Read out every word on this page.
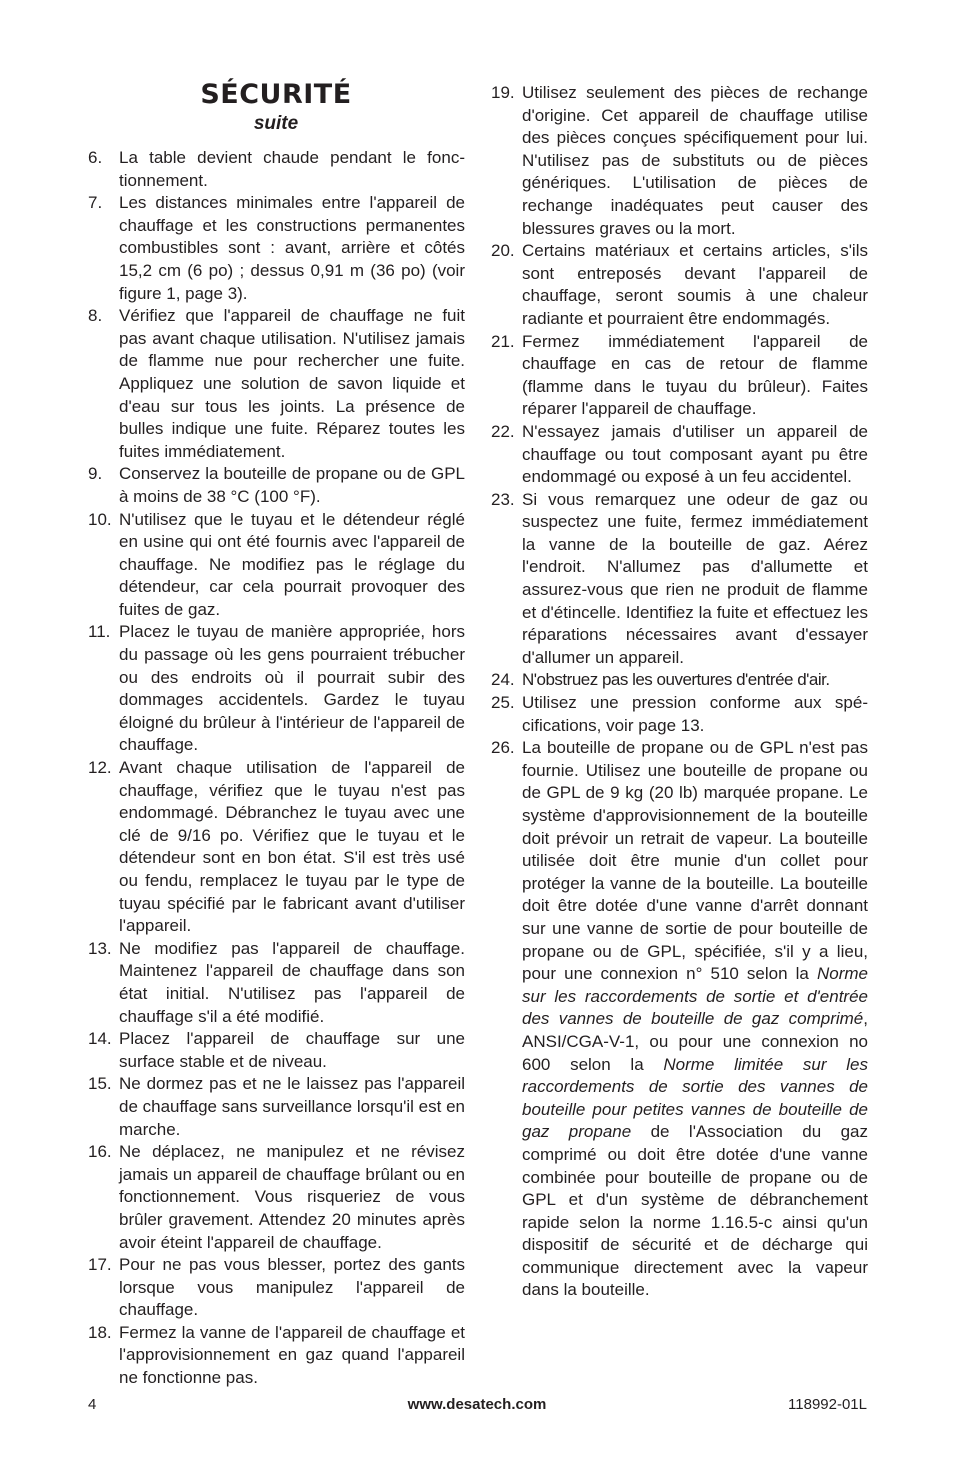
SÉCURITÉ
suite
6. La table devient chaude pendant le fonctionnement.
7. Les distances minimales entre l'appareil de chauffage et les constructions permanentes combustibles sont : avant, arrière et côtés 15,2 cm (6 po) ; dessus 0,91 m (36 po) (voir figure 1, page 3).
8. Vérifiez que l'appareil de chauffage ne fuit pas avant chaque utilisation. N'utilisez jamais de flamme nue pour rechercher une fuite. Appliquez une solution de savon liquide et d'eau sur tous les joints. La présence de bulles indique une fuite. Réparez toutes les fuites immédiatement.
9. Conservez la bouteille de propane ou de GPL à moins de 38 °C (100 °F).
10. N'utilisez que le tuyau et le détendeur réglé en usine qui ont été fournis avec l'appareil de chauffage. Ne modifiez pas le réglage du détendeur, car cela pourrait provoquer des fuites de gaz.
11. Placez le tuyau de manière appropriée, hors du passage où les gens pourraient trébucher ou des endroits où il pourrait subir des dommages accidentels. Gardez le tuyau éloigné du brûleur à l'intérieur de l'appareil de chauffage.
12. Avant chaque utilisation de l'appareil de chauffage, vérifiez que le tuyau n'est pas endommagé. Débranchez le tuyau avec une clé de 9/16 po. Vérifiez que le tuyau et le détendeur sont en bon état. S'il est très usé ou fendu, remplacez le tuyau par le type de tuyau spécifié par le fabricant avant d'utiliser l'appareil.
13. Ne modifiez pas l'appareil de chauffage. Maintenez l'appareil de chauffage dans son état initial. N'utilisez pas l'appareil de chauffage s'il a été modifié.
14. Placez l'appareil de chauffage sur une surface stable et de niveau.
15. Ne dormez pas et ne le laissez pas l'appareil de chauffage sans surveillance lorsqu'il est en marche.
16. Ne déplacez, ne manipulez et ne révisez jamais un appareil de chauffage brûlant ou en fonctionnement. Vous risqueriez de vous brûler gravement. Attendez 20 minutes après avoir éteint l'appareil de chauffage.
17. Pour ne pas vous blesser, portez des gants lorsque vous manipulez l'appareil de chauffage.
18. Fermez la vanne de l'appareil de chauffage et l'approvisionnement en gaz quand l'appareil ne fonctionne pas.
19. Utilisez seulement des pièces de rechange d'origine. Cet appareil de chauffage utilise des pièces conçues spécifiquement pour lui. N'utilisez pas de substituts ou de pièces génériques. L'utilisation de pièces de rechange inadéquates peut causer des blessures graves ou la mort.
20. Certains matériaux et certains articles, s'ils sont entreposés devant l'appareil de chauffage, seront soumis à une chaleur radiante et pourraient être endommagés.
21. Fermez immédiatement l'appareil de chauffage en cas de retour de flamme (flamme dans le tuyau du brûleur). Faites réparer l'appareil de chauffage.
22. N'essayez jamais d'utiliser un appareil de chauffage ou tout composant ayant pu être endommagé ou exposé à un feu accidentel.
23. Si vous remarquez une odeur de gaz ou suspectez une fuite, fermez immédiatement la vanne de la bouteille de gaz. Aérez l'endroit. N'allumez pas d'allumette et assurez-vous que rien ne produit de flamme et d'étincelle. Identifiez la fuite et effectuez les réparations nécessaires avant d'essayer d'allumer un appareil.
24. N'obstruez pas les ouvertures d'entrée d'air.
25. Utilisez une pression conforme aux spécifications, voir page 13.
26. La bouteille de propane ou de GPL n'est pas fournie. Utilisez une bouteille de propane ou de GPL de 9 kg (20 lb) marquée propane. Le système d'approvisionnement de la bouteille doit prévoir un retrait de vapeur. La bouteille utilisée doit être munie d'un collet pour protéger la vanne de la bouteille. La bouteille doit être dotée d'une vanne d'arrêt donnant sur une vanne de sortie de pour bouteille de propane ou de GPL, spécifiée, s'il y a lieu, pour une connexion n° 510 selon la Norme sur les raccordements de sortie et d'entrée des vannes de bouteille de gaz comprimé, ANSI/CGA-V-1, ou pour une connexion no 600 selon la Norme limitée sur les raccordements de sortie des vannes de bouteille pour petites vannes de bouteille de gaz propane de l'Association du gaz comprimé ou doit être dotée d'une vanne combinée pour bouteille de propane ou de GPL et d'un système de débranchement rapide selon la norme 1.16.5-c ainsi qu'un dispositif de sécurité et de décharge qui communique directement avec la vapeur dans la bouteille.
4	www.desatech.com	118992-01L
